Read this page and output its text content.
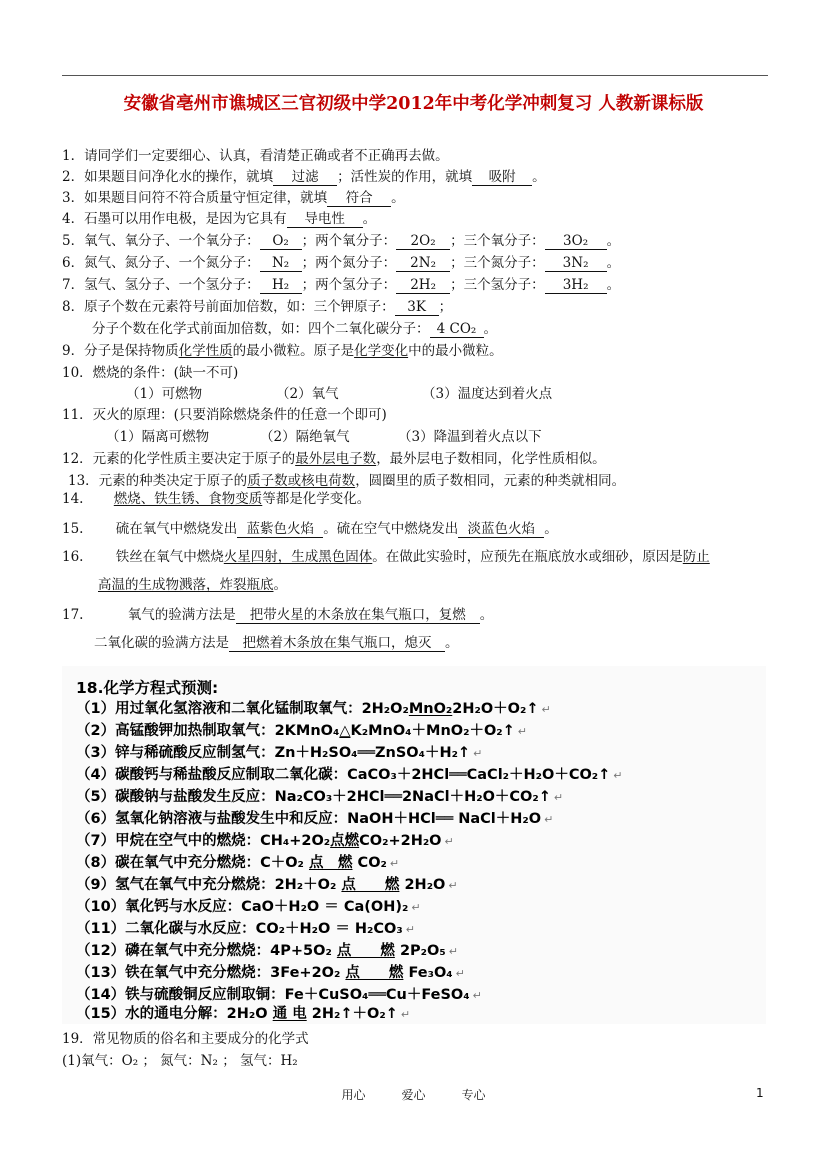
安徽省亳州市谯城区三官初级中学2012年中考化学冲刺复习 人教新课标版
1．请同学们一定要细心、认真，看清楚正确或者不正确再去做。
2．如果题目问净化水的操作，就填 过滤 ；活性炭的作用，就填 吸附 。
3．如果题目问符不符合质量守恒定律，就填 符合 。
4．石墨可以用作电极，是因为它具有 导电性 。
5．氧气、氧分子、一个氧分子： O₂ ；两个氧分子： 2O₂ ；三个氧分子： 3O₂ 。
6．氮气、氮分子、一个氮分子： N₂ ；两个氮分子： 2N₂ ；三个氮分子： 3N₂ 。
7．氢气、氢分子、一个氢分子： H₂ ；两个氢分子： 2H₂ ；三个氢分子： 3H₂ 。
8．原子个数在元素符号前面加倍数，如：三个钾原子： 3K ；
分子个数在化学式前面加倍数，如：四个二氧化碳分子： 4 CO₂ 。
9．分子是保持物质化学性质的最小微粒。原子是化学变化中的最小微粒。
10．燃烧的条件：(缺一不可)
（1）可燃物	（2）氧气	（3）温度达到着火点
11．灭火的原理：(只要消除燃烧条件的任意一个即可)
（1）隔离可燃物	（2）隔绝氧气	（3）降温到着火点以下
12．元素的化学性质主要决定于原子的最外层电子数，最外层电子数相同，化学性质相似。
13．元素的种类决定于原子的质子数或核电荷数，圆圈里的质子数相同，元素的种类就相同。
14. 燃烧、铁生锈、食物变质等都是化学变化。
15. 硫在氧气中燃烧发出 蓝紫色火焰 。硫在空气中燃烧发出 淡蓝色火焰 。
16. 铁丝在氧气中燃烧火星四射，生成黑色固体。在做此实验时，应预先在瓶底放水或细砂，原因是防止
高温的生成物溅落，炸裂瓶底。
17.	氧气的验满方法是 把带火星的木条放在集气瓶口，复燃 。
二氧化碳的验满方法是 把燃着木条放在集气瓶口，熄灭 。
18.化学方程式预测:
（1）用过氧化氢溶液和二氧化锰制取氧气：2H₂O₂MnO₂2H₂O＋O₂↑ ↵
（2）高锰酸钾加热制取氧气：2KMnO₄△K₂MnO₄＋MnO₂＋O₂↑ ↵
（3）锌与稀硫酸反应制氢气：Zn＋H₂SO₄══ZnSO₄＋H₂↑ ↵
（4）碳酸钙与稀盐酸反应制取二氧化碳：CaCO₃＋2HCl══CaCl₂＋H₂O＋CO₂↑ ↵
（5）碳酸钠与盐酸发生反应：Na₂CO₃＋2HCl══2NaCl＋H₂O＋CO₂↑ ↵
（6）氢氧化钠溶液与盐酸发生中和反应：NaOH＋HCl══ NaCl＋H₂O ↵
（7）甲烷在空气中的燃烧：CH₄+2O₂点燃CO₂+2H₂O ↵
（8）碳在氧气中充分燃烧：C＋O₂ 点　燃 CO₂ ↵
（9）氢气在氧气中充分燃烧：2H₂＋O₂ 点　　燃 2H₂O ↵
（10）氧化钙与水反应：CaO＋H₂O ＝ Ca(OH)₂ ↵
（11）二氧化碳与水反应：CO₂＋H₂O ＝ H₂CO₃ ↵
（12）磷在氧气中充分燃烧：4P+5O₂ 点　　燃 2P₂O₅ ↵
（13）铁在氧气中充分燃烧：3Fe+2O₂ 点　　燃 Fe₃O₄ ↵
（14）铁与硫酸铜反应制取铜：Fe＋CuSO₄══Cu＋FeSO₄ ↵
（15）水的通电分解：2H₂O 通 电 2H₂↑＋O₂↑ ↵
19．常见物质的俗名和主要成分的化学式
(1)氧气：O₂ ； 氮气：N₂ ； 氢气：H₂
用心	爱心	专心	1
